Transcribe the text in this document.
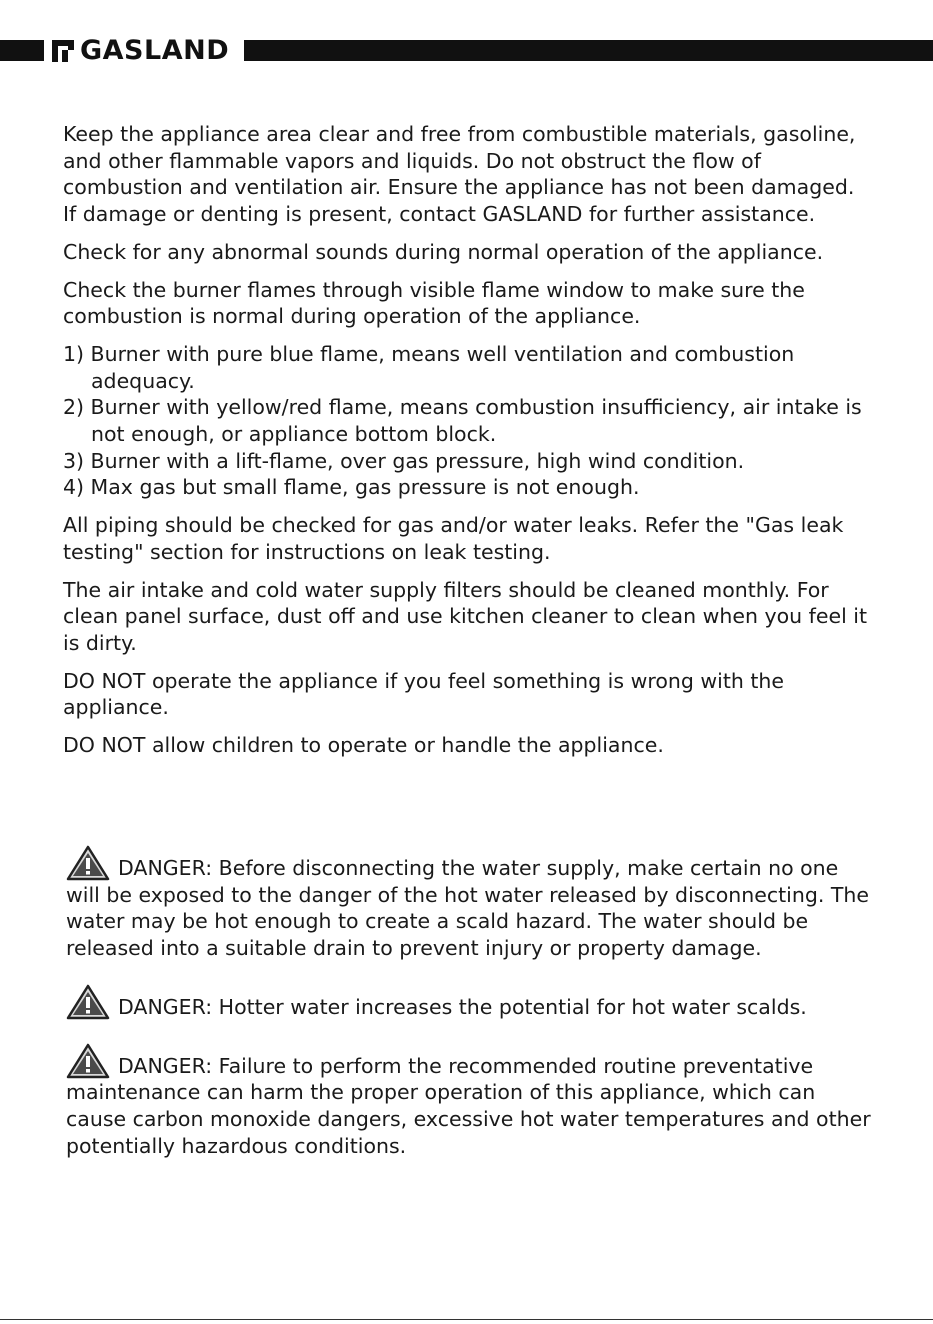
GASLAND

Keep the appliance area clear and free from combustible materials, gasoline, and other flammable vapors and liquids. Do not obstruct the flow of combustion and ventilation air. Ensure the appliance has not been damaged. If damage or denting is present, contact GASLAND for further assistance.

Check for any abnormal sounds during normal operation of the appliance.

Check the burner flames through visible flame window to make sure the combustion is normal during operation of the appliance.

1) Burner with pure blue flame, means well ventilation and combustion adequacy.
2) Burner with yellow/red flame, means combustion insufficiency, air intake is not enough, or appliance bottom block.
3) Burner with a lift-flame, over gas pressure, high wind condition.
4) Max gas but small flame, gas pressure is not enough.

All piping should be checked for gas and/or water leaks. Refer the "Gas leak testing" section for instructions on leak testing.

The air intake and cold water supply filters should be cleaned monthly. For clean panel surface, dust off and use kitchen cleaner to clean when you feel it is dirty.

DO NOT operate the appliance if you feel something is wrong with the appliance.

DO NOT allow children to operate or handle the appliance.

DANGER: Before disconnecting the water supply, make certain no one will be exposed to the danger of the hot water released by disconnecting. The water may be hot enough to create a scald hazard. The water should be released into a suitable drain to prevent injury or property damage.

DANGER: Hotter water increases the potential for hot water scalds.

DANGER: Failure to perform the recommended routine preventative maintenance can harm the proper operation of this appliance, which can cause carbon monoxide dangers, excessive hot water temperatures and other potentially hazardous conditions.
